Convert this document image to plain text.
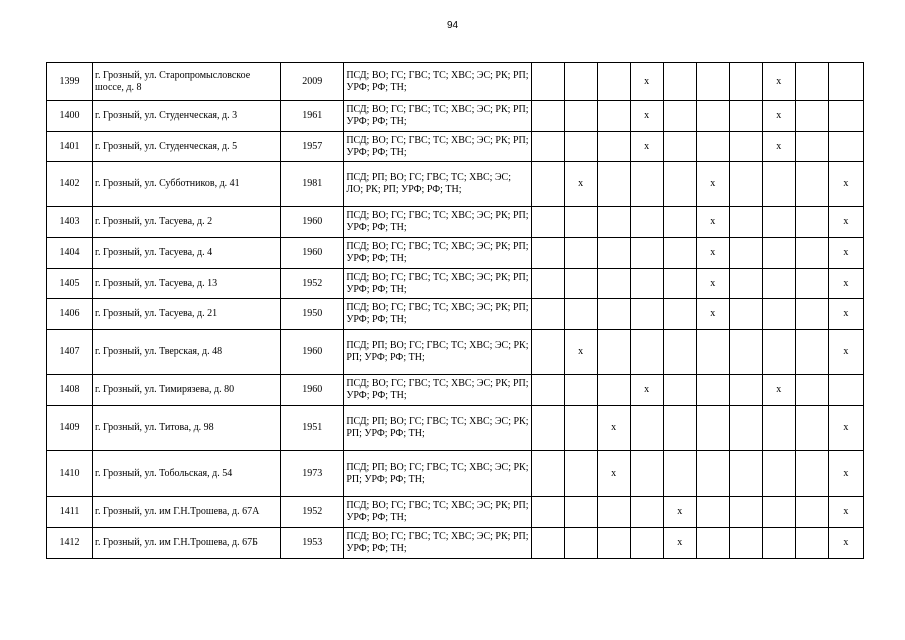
94
1399	г. Грозный, ул. Старопромысловское шоссе, д. 8	2009	ПСД; ВО; ГС; ГВС; ТС; ХВС; ЭС; РК; РП; УРФ; РФ; ТН;				x				x		
1400	г. Грозный, ул. Студенческая, д. 3	1961	ПСД; ВО; ГС; ГВС; ТС; ХВС; ЭС; РК; РП; УРФ; РФ; ТН;				x				x		
1401	г. Грозный, ул. Студенческая, д. 5	1957	ПСД; ВО; ГС; ГВС; ТС; ХВС; ЭС; РК; РП; УРФ; РФ; ТН;				x				x		
1402	г. Грозный, ул. Субботников, д. 41	1981	ПСД; РП; ВО; ГС; ГВС; ТС; ХВС; ЭС; ЛО; РК; РП; УРФ; РФ; ТН;		x				x				x
1403	г. Грозный, ул. Тасуева, д. 2	1960	ПСД; ВО; ГС; ГВС; ТС; ХВС; ЭС; РК; РП; УРФ; РФ; ТН;						x				x
1404	г. Грозный, ул. Тасуева, д. 4	1960	ПСД; ВО; ГС; ГВС; ТС; ХВС; ЭС; РК; РП; УРФ; РФ; ТН;						x				x
1405	г. Грозный, ул. Тасуева, д. 13	1952	ПСД; ВО; ГС; ГВС; ТС; ХВС; ЭС; РК; РП; УРФ; РФ; ТН;						x				x
1406	г. Грозный, ул. Тасуева, д. 21	1950	ПСД; ВО; ГС; ГВС; ТС; ХВС; ЭС; РК; РП; УРФ; РФ; ТН;						x				x
1407	г. Грозный, ул. Тверская, д. 48	1960	ПСД; РП; ВО; ГС; ГВС; ТС; ХВС; ЭС; РК; РП; УРФ; РФ; ТН;		x								x
1408	г. Грозный, ул. Тимирязева, д. 80	1960	ПСД; ВО; ГС; ГВС; ТС; ХВС; ЭС; РК; РП; УРФ; РФ; ТН;				x				x		
1409	г. Грозный, ул. Титова, д. 98	1951	ПСД; РП; ВО; ГС; ГВС; ТС; ХВС; ЭС; РК; РП; УРФ; РФ; ТН;			x							x
1410	г. Грозный, ул. Тобольская, д. 54	1973	ПСД; РП; ВО; ГС; ГВС; ТС; ХВС; ЭС; РК; РП; УРФ; РФ; ТН;			x							x
1411	г. Грозный, ул. им Г.Н.Трошева, д. 67А	1952	ПСД; ВО; ГС; ГВС; ТС; ХВС; ЭС; РК; РП; УРФ; РФ; ТН;					x					x
1412	г. Грозный, ул. им Г.Н.Трошева, д. 67Б	1953	ПСД; ВО; ГС; ГВС; ТС; ХВС; ЭС; РК; РП; УРФ; РФ; ТН;					x					x
